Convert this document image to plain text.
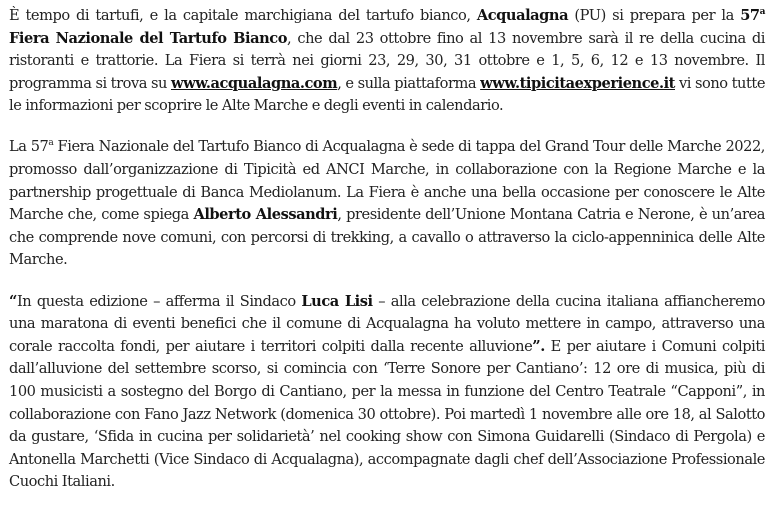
È tempo di tartufi, e la capitale marchigiana del tartufo bianco, Acqualagna (PU) si prepara per la 57$^a$ Fiera Nazionale del Tartufo Bianco, che dal 23 ottobre fino al 13 novembre sarà il re della cucina di ristoranti e trattorie. La Fiera si terrà nei giorni 23, 29, 30, 31 ottobre e 1, 5, 6, 12 e 13 novembre. Il programma si trova su www.acqualagna.com, e sulla piattaforma www.tipicitaexperience.it vi sono tutte le informazioni per scoprire le Alte Marche e degli eventi in calendario.

La 57$^a$ Fiera Nazionale del Tartufo Bianco di Acqualagna è sede di tappa del Grand Tour delle Marche 2022, promosso dall’organizzazione di Tipicità ed ANCI Marche, in collaborazione con la Regione Marche e la partnership progettuale di Banca Mediolanum. La Fiera è anche una bella occasione per conoscere le Alte Marche che, come spiega Alberto Alessandri, presidente dell’Unione Montana Catria e Nerone, è un’area che comprende nove comuni, con percorsi di trekking, a cavallo o attraverso la ciclo-appenninica delle Alte Marche.

“In questa edizione – afferma il Sindaco Luca Lisi – alla celebrazione della cucina italiana affiancheremo una maratona di eventi benefici che il comune di Acqualagna ha voluto mettere in campo, attraverso una corale raccolta fondi, per aiutare i territori colpiti dalla recente alluvione”. E per aiutare i Comuni colpiti dall’alluvione del settembre scorso, si comincia con ‘Terre Sonore per Cantiano’: 12 ore di musica, più di 100 musicisti a sostegno del Borgo di Cantiano, per la messa in funzione del Centro Teatrale “Capponi”, in collaborazione con Fano Jazz Network (domenica 30 ottobre). Poi martedì 1 novembre alle ore 18, al Salotto da gustare, ‘Sfida in cucina per solidarietà’ nel cooking show con Simona Guidarelli (Sindaco di Pergola) e Antonella Marchetti (Vice Sindaco di Acqualagna), accompagnate dagli chef dell’Associazione Professionale Cuochi Italiani.
